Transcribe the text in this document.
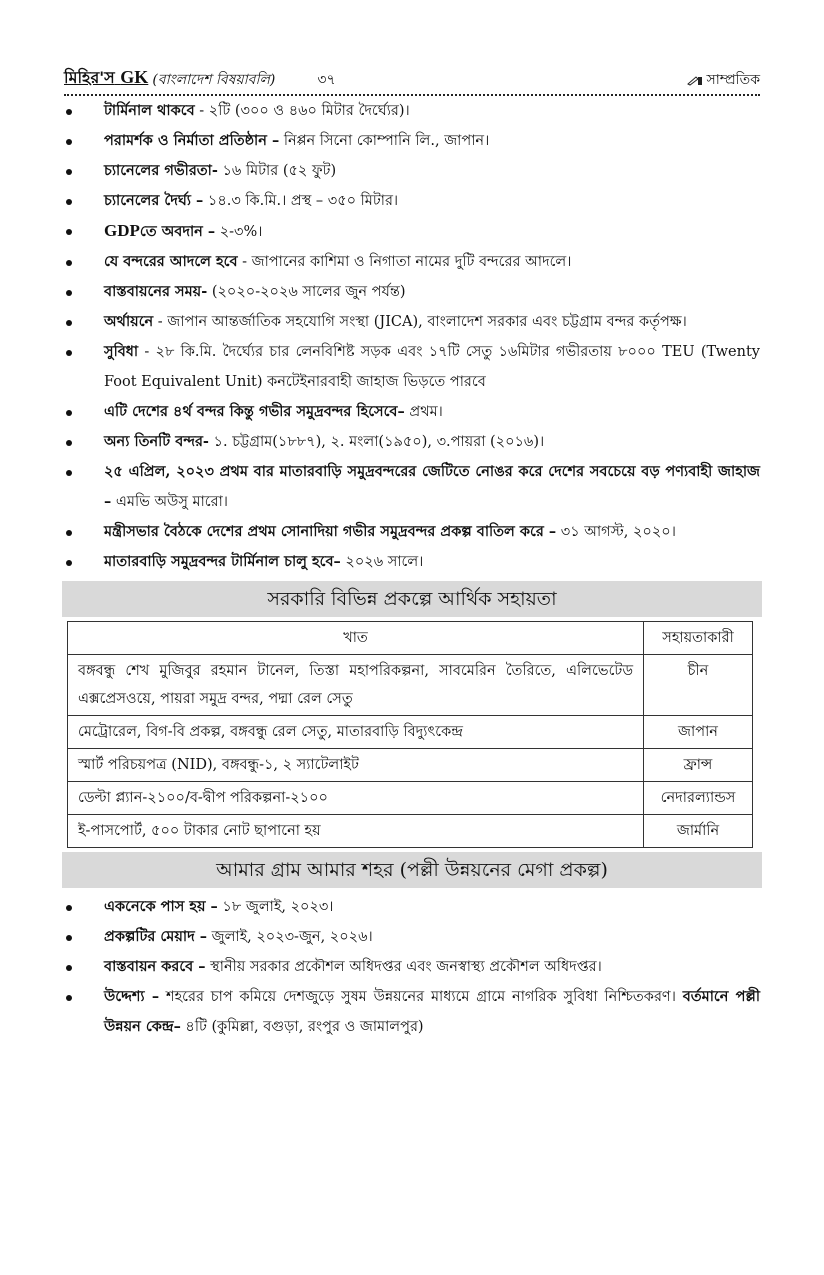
মিহির'স GK (বাংলাদেশ বিষয়াবলি)	৩৭	সাম্প্রতিক
টার্মিনাল থাকবে - ২টি (৩০০ ও ৪৬০ মিটার দৈর্ঘ্যের)।
পরামর্শক ও নির্মাতা প্রতিষ্ঠান – নিপ্পন সিনো কোম্পানি লি., জাপান।
চ্যানেলের গভীরতা- ১৬ মিটার (৫২ ফুট)
চ্যানেলের দৈর্ঘ্য – ১৪.৩ কি.মি.। প্রস্থ – ৩৫০ মিটার।
GDPতে অবদান – ২-৩%।
যে বন্দরের আদলে হবে - জাপানের কাশিমা ও নিগাতা নামের দুটি বন্দরের আদলে।
বাস্তবায়নের সময়- (২০২০-২০২৬ সালের জুন পর্যন্ত)
অর্থায়নে - জাপান আন্তর্জাতিক সহযোগি সংস্থা (JICA), বাংলাদেশ সরকার এবং চট্টগ্রাম বন্দর কর্তৃপক্ষ।
সুবিধা - ২৮ কি.মি. দৈর্ঘ্যের চার লেনবিশিষ্ট সড়ক এবং ১৭টি সেতু ১৬মিটার গভীরতায় ৮০০০ TEU (Twenty Foot Equivalent Unit) কনটেইনারবাহী জাহাজ ভিড়তে পারবে
এটি দেশের ৪র্থ বন্দর কিন্তু গভীর সমুদ্রবন্দর হিসেবে– প্রথম।
অন্য তিনটি বন্দর- ১. চট্টগ্রাম(১৮৮৭), ২. মংলা(১৯৫০), ৩.পায়রা (২০১৬)।
২৫ এপ্রিল, ২০২৩ প্রথম বার মাতারবাড়ি সমুদ্রবন্দরের জেটিতে নোঙর করে দেশের সবচেয়ে বড় পণ্যবাহী জাহাজ – এমভি অউসু মারো।
মন্ত্রীসভার বৈঠকে দেশের প্রথম সোনাদিয়া গভীর সমুদ্রবন্দর প্রকল্প বাতিল করে – ৩১ আগস্ট, ২০২০।
মাতারবাড়ি সমুদ্রবন্দর টার্মিনাল চালু হবে– ২০২৬ সালে।
সরকারি বিভিন্ন প্রকল্পে আর্থিক সহায়তা
খাত	সহায়তাকারী
বঙ্গবন্ধু শেখ মুজিবুর রহমান টানেল, তিস্তা মহাপরিকল্পনা, সাবমেরিন তৈরিতে, এলিভেটেড এক্সপ্রেসওয়ে, পায়রা সমুদ্র বন্দর, পদ্মা রেল সেতু	চীন
মেট্রোরেল, বিগ-বি প্রকল্প, বঙ্গবন্ধু রেল সেতু, মাতারবাড়ি বিদ্যুৎকেন্দ্র	জাপান
স্মার্ট পরিচয়পত্র (NID), বঙ্গবন্ধু-১, ২ স্যাটেলাইট	ফ্রান্স
ডেল্টা প্ল্যান-২১০০/ব-দ্বীপ পরিকল্পনা-২১০০	নেদারল্যান্ডস
ই-পাসপোর্ট, ৫০০ টাকার নোট ছাপানো হয়	জার্মানি
আমার গ্রাম আমার শহর (পল্লী উন্নয়নের মেগা প্রকল্প)
একনেকে পাস হয় – ১৮ জুলাই, ২০২৩।
প্রকল্পটির মেয়াদ – জুলাই, ২০২৩-জুন, ২০২৬।
বাস্তবায়ন করবে – স্থানীয় সরকার প্রকৌশল অধিদপ্তর এবং জনস্বাস্থ্য প্রকৌশল অধিদপ্তর।
উদ্দেশ্য – শহরের চাপ কমিয়ে দেশজুড়ে সুষম উন্নয়নের মাধ্যমে গ্রামে নাগরিক সুবিধা নিশ্চিতকরণ। বর্তমানে পল্লী উন্নয়ন কেন্দ্র– ৪টি (কুমিল্লা, বগুড়া, রংপুর ও জামালপুর)
